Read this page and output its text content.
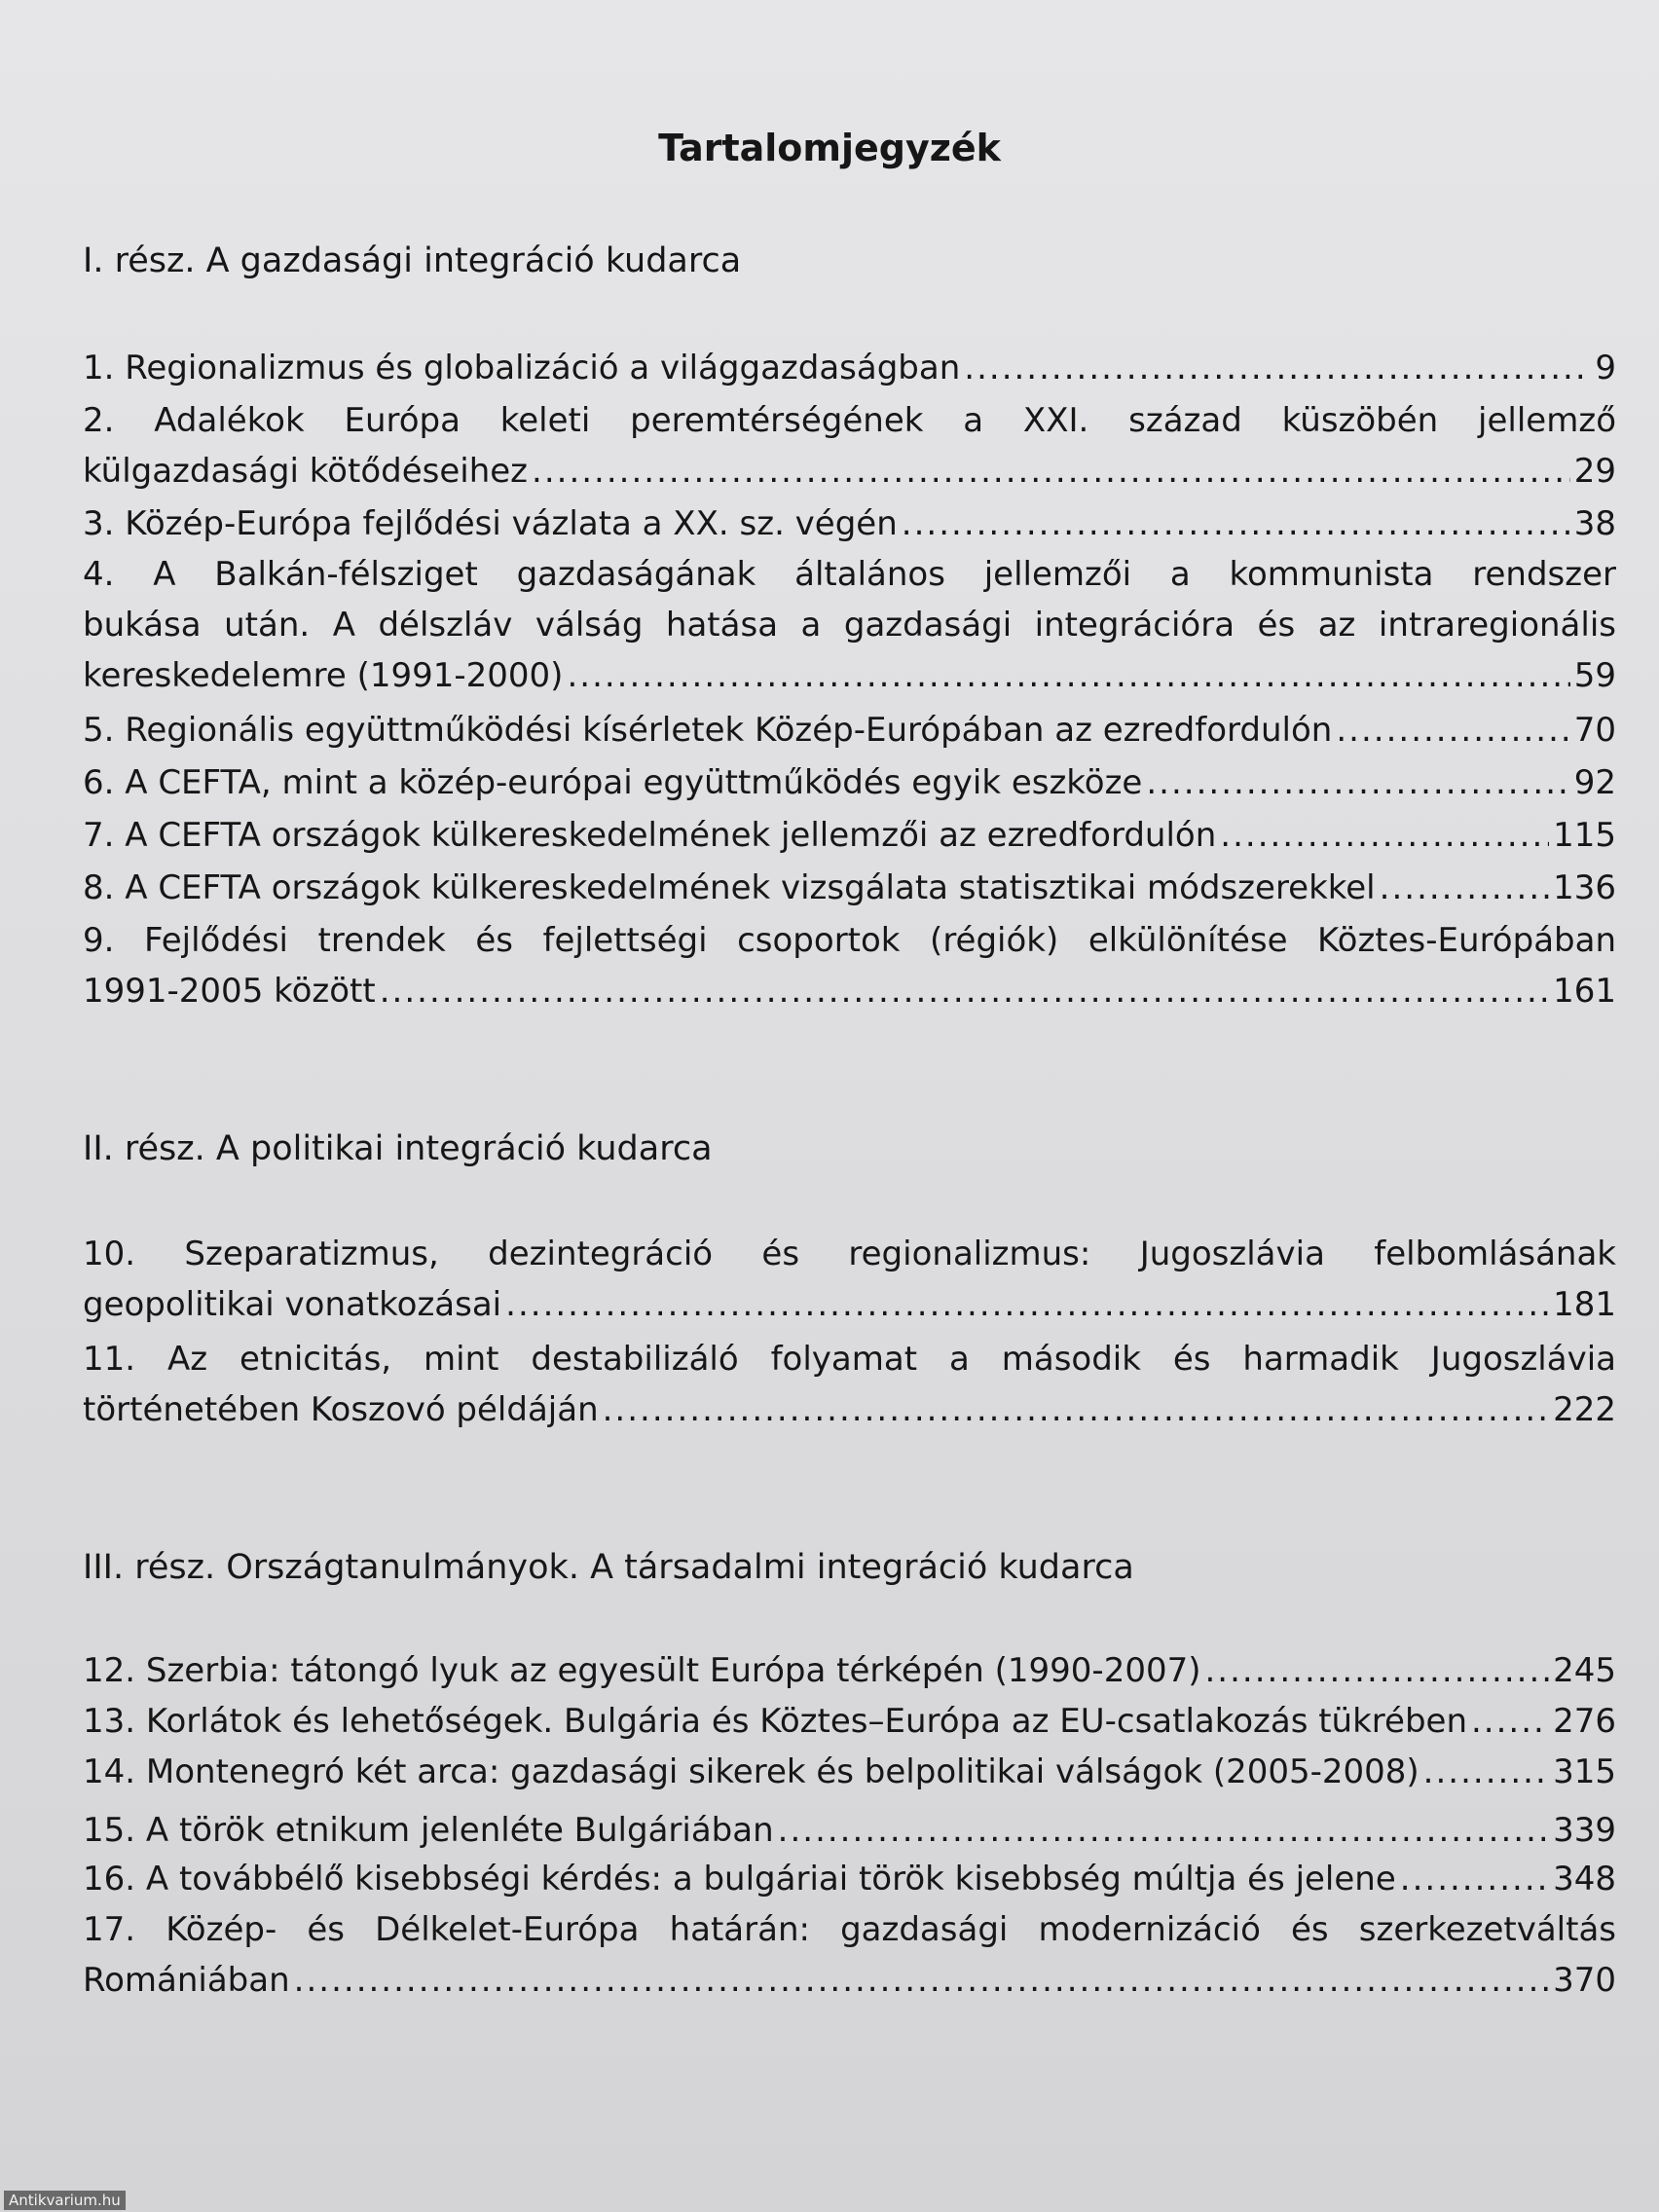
Tartalomjegyzék
I. rész. A gazdasági integráció kudarca
1. Regionalizmus és globalizáció a világgazdaságban .....	9
2. Adalékok Európa keleti peremtérségének a XXI. század küszöbén jellemző
külgazdasági kötődéseihez .....	29
3. Közép-Európa fejlődési vázlata a XX. sz. végén .....	38
4. A Balkán-félsziget gazdaságának általános jellemzői a kommunista rendszer
bukása után. A délszláv válság hatása a gazdasági integrációra és az intraregionális
kereskedelemre (1991-2000) .....	59
5. Regionális együttműködési kísérletek Közép-Európában az ezredfordulón .....	70
6. A CEFTA, mint a közép-európai együttműködés egyik eszköze .....	92
7. A CEFTA országok külkereskedelmének jellemzői az ezredfordulón .....	115
8. A CEFTA országok külkereskedelmének vizsgálata statisztikai módszerekkel .....	136
9. Fejlődési trendek és fejlettségi csoportok (régiók) elkülönítése Köztes-Európában
1991-2005 között .....	161
II. rész. A politikai integráció kudarca
10. Szeparatizmus, dezintegráció és regionalizmus: Jugoszlávia felbomlásának
geopolitikai vonatkozásai .....	181
11. Az etnicitás, mint destabilizáló folyamat a második és harmadik Jugoszlávia
történetében Koszovó példáján .....	222
III. rész. Országtanulmányok. A társadalmi integráció kudarca
12. Szerbia: tátongó lyuk az egyesült Európa térképén (1990-2007) .....	245
13. Korlátok és lehetőségek. Bulgária és Köztes–Európa az EU-csatlakozás tükrében .....	276
14. Montenegró két arca: gazdasági sikerek és belpolitikai válságok (2005-2008) .....	315
15. A török etnikum jelenléte Bulgáriában .....	339
16. A továbbélő kisebbségi kérdés: a bulgáriai török kisebbség múltja és jelene .....	348
17. Közép- és Délkelet-Európa határán: gazdasági modernizáció és szerkezetváltás
Romániában .....	370
Antikvarium.hu
